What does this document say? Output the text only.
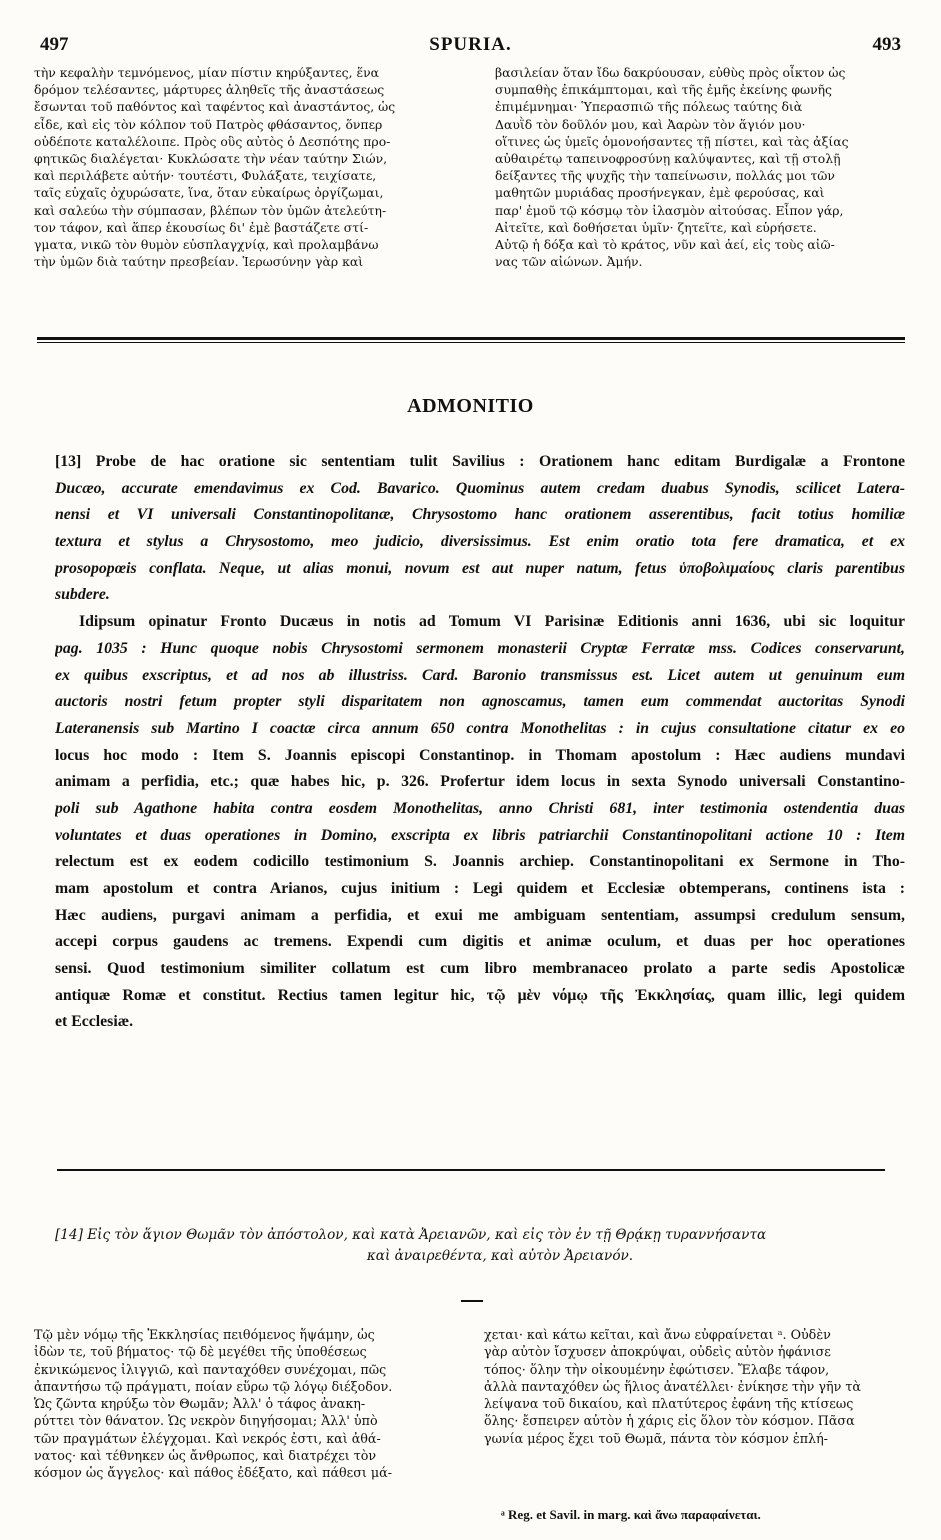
497	SPURIA.	493
τὴν κεφαλὴν τεμνόμενος, μίαν πίστιν κηρύξαντες, ἕνα
δρόμον τελέσαντες, μάρτυρες ἀληθεῖς τῆς ἀναστάσεως
ἔσωνται τοῦ παθόντος καὶ ταφέντος καὶ ἀναστάντος, ὡς
εἶδε, καὶ εἰς τὸν κόλπον τοῦ Πατρὸς φθάσαντος, ὅνπερ
οὐδέποτε καταλέλοιπε. Πρὸς οὓς αὐτὸς ὁ Δεσπότης προ-
φητικῶς διαλέγεται· Κυκλώσατε τὴν νέαν ταύτην Σιών,
καὶ περιλάβετε αὐτήν· τουτέστι, Φυλάξατε, τειχίσατε,
ταῖς εὐχαῖς ὀχυρώσατε, ἵνα, ὅταν εὐκαίρως ὀργίζωμαι,
καὶ σαλεύω τὴν σύμπασαν, βλέπων τὸν ὑμῶν ἀτελεύτη-
τον τάφον, καὶ ἅπερ ἑκουσίως δι' ἐμὲ βαστάζετε στί-
γματα, νικῶ τὸν θυμὸν εὐσπλαγχνίᾳ, καὶ προλαμβάνω
τὴν ὑμῶν διὰ ταύτην πρεσβείαν. Ἱερωσύνην γὰρ καὶ
βασιλείαν ὅταν ἴδω δακρύουσαν, εὐθὺς πρὸς οἶκτον ὡς
συμπαθὴς ἐπικάμπτομαι, καὶ τῆς ἐμῆς ἐκείνης φωνῆς
ἐπιμέμνημαι· Ὑπερασπιῶ τῆς πόλεως ταύτης διὰ
Δαυῒδ τὸν δοῦλόν μου, καὶ Ἀαρὼν τὸν ἅγιόν μου·
οἵτινες ὡς ὑμεῖς ὁμονοήσαντες τῇ πίστει, καὶ τὰς ἀξίας
αὐθαιρέτῳ ταπεινοφροσύνῃ καλύψαντες, καὶ τῇ στολῇ
δείξαντες τῆς ψυχῆς τὴν ταπείνωσιν, πολλάς μοι τῶν
μαθητῶν μυριάδας προσήνεγκαν, ἐμὲ φερούσας, καὶ
παρ' ἐμοῦ τῷ κόσμῳ τὸν ἱλασμὸν αἰτούσας. Εἶπον γάρ,
Αἰτεῖτε, καὶ δοθήσεται ὑμῖν· ζητεῖτε, καὶ εὑρήσετε.
Αὐτῷ ἡ δόξα καὶ τὸ κράτος, νῦν καὶ ἀεί, εἰς τοὺς αἰῶ-
νας τῶν αἰώνων. Ἀμήν.
ADMONITIO
[13] Probe de hac oratione sic sententiam tulit Savilius : Orationem hanc editam Burdigalæ a Frontone
Ducæo, accurate emendavimus ex Cod. Bavarico. Quominus autem credam duabus Synodis, scilicet Latera-
nensi et VI universali Constantinopolitanæ, Chrysostomo hanc orationem asserentibus, facit totius homiliæ
textura et stylus a Chrysostomo, meo judicio, diversissimus. Est enim oratio tota fere dramatica, et ex
prosopopœis conflata. Neque, ut alias monui, novum est aut nuper natum, fetus ὑποβολιμαίους claris parentibus
subdere.
Idipsum opinatur Fronto Ducæus in notis ad Tomum VI Parisinæ Editionis anni 1636, ubi sic loquitur
pag. 1035 : Hunc quoque nobis Chrysostomi sermonem monasterii Cryptæ Ferratæ mss. Codices conservarunt,
ex quibus exscriptus, et ad nos ab illustriss. Card. Baronio transmissus est. Licet autem ut genuinum eum
auctoris nostri fetum propter styli disparitatem non agnoscamus, tamen eum commendat auctoritas Synodi
Lateranensis sub Martino I coactæ circa annum 650 contra Monothelitas : in cujus consultatione citatur ex eo
locus hoc modo : Item S. Joannis episcopi Constantinop. in Thomam apostolum : Hæc audiens mundavi
animam a perfidia, etc.; quæ habes hic, p. 326. Profertur idem locus in sexta Synodo universali Constantino-
poli sub Agathone habita contra eosdem Monothelitas, anno Christi 681, inter testimonia ostendentia duas
voluntates et duas operationes in Domino, exscripta ex libris patriarchii Constantinopolitani actione 10 : Item
relectum est ex eodem codicillo testimonium S. Joannis archiep. Constantinopolitani ex Sermone in Tho-
mam apostolum et contra Arianos, cujus initium : Legi quidem et Ecclesiæ obtemperans, continens ista :
Hæc audiens, purgavi animam a perfidia, et exui me ambiguam sententiam, assumpsi credulum sensum,
accepi corpus gaudens ac tremens. Expendi cum digitis et animæ oculum, et duas per hoc operationes
sensi. Quod testimonium similiter collatum est cum libro membranaceo prolato a parte sedis Apostolicæ
antiquæ Romæ et constitut. Rectius tamen legitur hic, τῷ μὲν νόμῳ τῆς Ἐκκλησίας, quam illic, legi quidem
et Ecclesiæ.
[14] Εἰς τὸν ἅγιον Θωμᾶν τὸν ἀπόστολον, καὶ κατὰ Ἀρειανῶν, καὶ εἰς τὸν ἐν τῇ Θρᾴκῃ τυραννήσαντα
καὶ ἀναιρεθέντα, καὶ αὐτὸν Ἀρειανόν.
Τῷ μὲν νόμῳ τῆς Ἐκκλησίας πειθόμενος ἥψάμην, ὡς
ἰδὼν τε, τοῦ βήματος· τῷ δὲ μεγέθει τῆς ὑποθέσεως
ἐκνικώμενος ἰλιγγιῶ, καὶ πανταχόθεν συνέχομαι, πῶς
ἀπαντήσω τῷ πράγματι, ποίαν εὕρω τῷ λόγῳ διέξοδον.
Ὡς ζῶντα κηρύξω τὸν Θωμᾶν; Ἀλλ' ὁ τάφος ἀνακη-
ρύττει τὸν θάνατον. Ὡς νεκρὸν διηγήσομαι; Ἀλλ' ὑπὸ
τῶν πραγμάτων ἐλέγχομαι. Καὶ νεκρός ἐστι, καὶ ἀθά-
νατος· καὶ τέθνηκεν ὡς ἄνθρωπος, καὶ διατρέχει τὸν
κόσμον ὡς ἄγγελος· καὶ πάθος ἐδέξατο, καὶ πάθεσι μά-
χεται· καὶ κάτω κεῖται, καὶ ἄνω εὐφραίνεται ᵃ. Οὐδὲν
γὰρ αὐτὸν ἴσχυσεν ἀποκρύψαι, οὐδεὶς αὐτὸν ἠφάνισε
τόπος· ὅλην τὴν οἰκουμένην ἐφώτισεν. Ἔλαβε τάφον,
ἀλλὰ πανταχόθεν ὡς ἥλιος ἀνατέλλει· ἐνίκησε τὴν γῆν τὰ
λείψανα τοῦ δικαίου, καὶ πλατύτερος ἐφάνη τῆς κτίσεως
ὅλης· ἔσπειρεν αὐτὸν ἡ χάρις εἰς ὅλον τὸν κόσμον. Πᾶσα
γωνία μέρος ἔχει τοῦ Θωμᾶ, πάντα τὸν κόσμον ἐπλή-
ᵃ Reg. et Savil. in marg. καὶ ἄνω παραφαίνεται.
